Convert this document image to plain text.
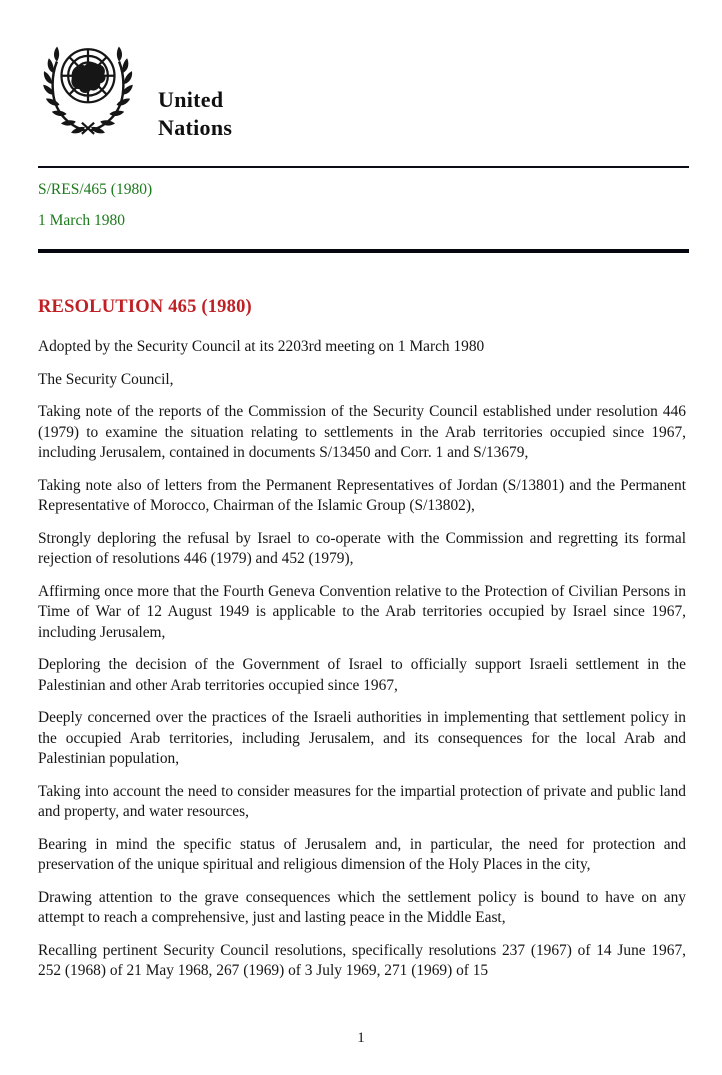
United
Nations
S/RES/465 (1980)
1 March 1980
RESOLUTION 465 (1980)

Adopted by the Security Council at its 2203rd meeting on 1 March 1980

The Security Council,

Taking note of the reports of the Commission of the Security Council established under resolution 446 (1979) to examine the situation relating to settlements in the Arab territories occupied since 1967, including Jerusalem, contained in documents S/13450 and Corr. 1 and S/13679,

Taking note also of letters from the Permanent Representatives of Jordan (S/13801) and the Permanent Representative of Morocco, Chairman of the Islamic Group (S/13802),

Strongly deploring the refusal by Israel to co-operate with the Commission and regretting its formal rejection of resolutions 446 (1979) and 452 (1979),

Affirming once more that the Fourth Geneva Convention relative to the Protection of Civilian Persons in Time of War of 12 August 1949 is applicable to the Arab territories occupied by Israel since 1967, including Jerusalem,

Deploring the decision of the Government of Israel to officially support Israeli settlement in the Palestinian and other Arab territories occupied since 1967,

Deeply concerned over the practices of the Israeli authorities in implementing that settlement policy in the occupied Arab territories, including Jerusalem, and its consequences for the local Arab and Palestinian population,

Taking into account the need to consider measures for the impartial protection of private and public land and property, and water resources,

Bearing in mind the specific status of Jerusalem and, in particular, the need for protection and preservation of the unique spiritual and religious dimension of the Holy Places in the city,

Drawing attention to the grave consequences which the settlement policy is bound to have on any attempt to reach a comprehensive, just and lasting peace in the Middle East,

Recalling pertinent Security Council resolutions, specifically resolutions 237 (1967) of 14 June 1967, 252 (1968) of 21 May 1968, 267 (1969) of 3 July 1969, 271 (1969) of 15

1
